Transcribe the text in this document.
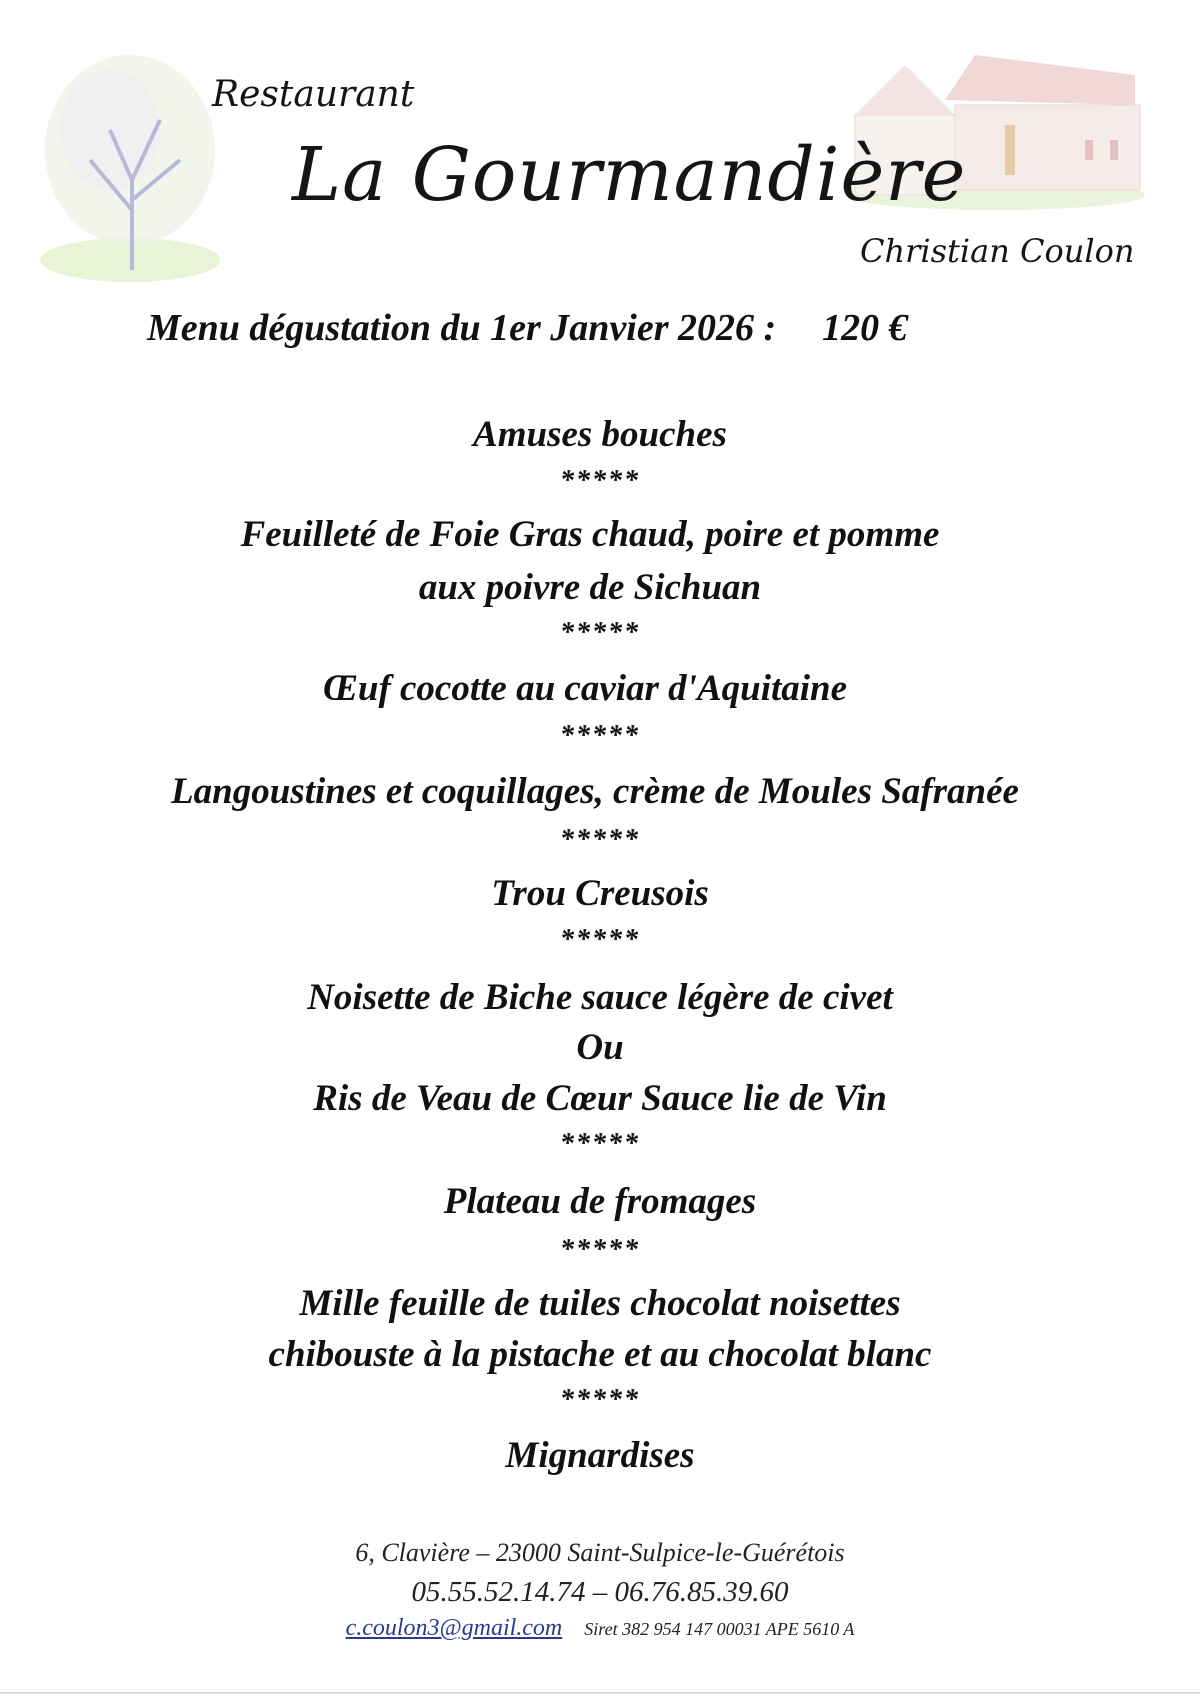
Restaurant
La Gourmandière
Christian Coulon
Menu dégustation du 1er Janvier 2026 : 120 €
Amuses bouches
*****
Feuilleté de Foie Gras chaud, poire et pomme
aux poivre de Sichuan
*****
Œuf cocotte au caviar d'Aquitaine
*****
Langoustines et coquillages, crème de Moules Safranée
*****
Trou Creusois
*****
Noisette de Biche sauce légère de civet
Ou
Ris de Veau de Cœur Sauce lie de Vin
*****
Plateau de fromages
*****
Mille feuille de tuiles chocolat noisettes
chibouste à la pistache et au chocolat blanc
*****
Mignardises
6, Clavière – 23000 Saint-Sulpice-le-Guérétois
05.55.52.14.74 – 06.76.85.39.60
c.coulon3@gmail.com Siret 382 954 147 00031 APE 5610 A
